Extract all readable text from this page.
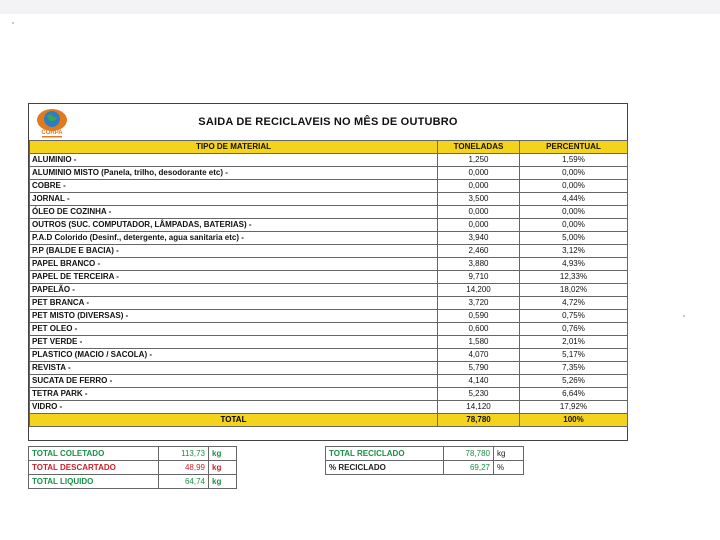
CORPA
SAIDA DE RECICLAVEIS NO MÊS DE OUTUBRO
TIPO DE MATERIAL	TONELADAS	PERCENTUAL
ALUMINIO -	1,250	1,59%
ALUMINIO MISTO (Panela, trilho, desodorante etc) -	0,000	0,00%
COBRE -	0,000	0,00%
JORNAL -	3,500	4,44%
ÓLEO DE COZINHA -	0,000	0,00%
OUTROS (SUC. COMPUTADOR, LÂMPADAS, BATERIAS) -	0,000	0,00%
P.A.D Colorido (Desinf., detergente, agua sanitaria etc) -	3,940	5,00%
P.P (BALDE E BACIA) -	2,460	3,12%
PAPEL BRANCO -	3,880	4,93%
PAPEL DE TERCEIRA -	9,710	12,33%
PAPELÃO -	14,200	18,02%
PET BRANCA -	3,720	4,72%
PET MISTO (DIVERSAS) -	0,590	0,75%
PET OLEO -	0,600	0,76%
PET VERDE -	1,580	2,01%
PLASTICO (MACIO / SACOLA) -	4,070	5,17%
REVISTA -	5,790	7,35%
SUCATA DE FERRO -	4,140	5,26%
TETRA PARK -	5,230	6,64%
VIDRO -	14,120	17,92%
TOTAL	78,780	100%
TOTAL COLETADO	113,73	kg
TOTAL DESCARTADO	48,99	kg
TOTAL LIQUIDO	64,74	kg
TOTAL RECICLADO	78,780	kg
% RECICLADO	69,27	%
